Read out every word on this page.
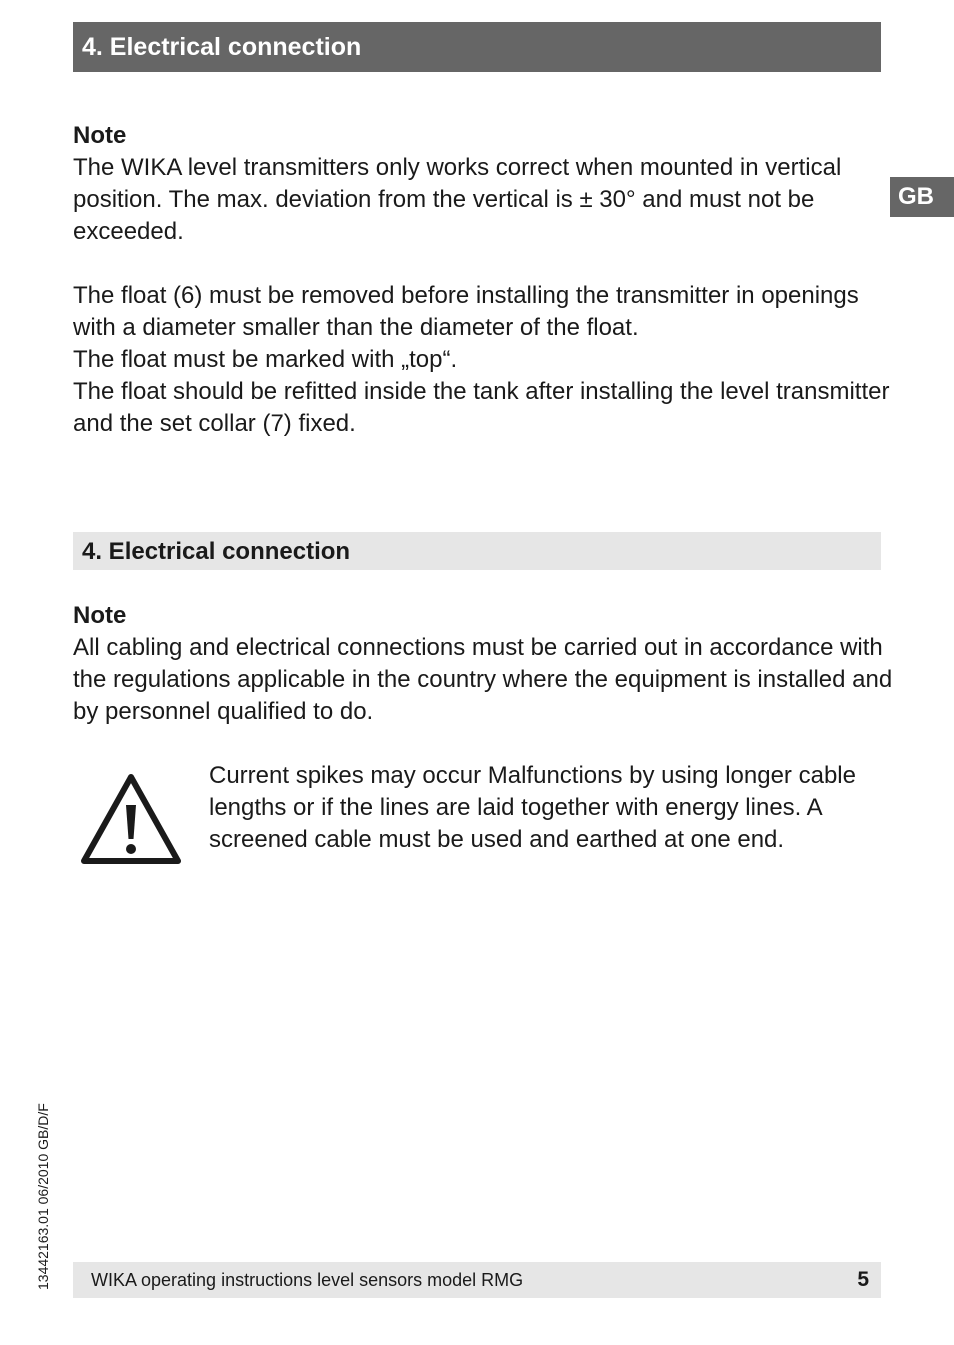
4. Electrical connection
GB

Note

The WIKA level transmitters only works correct when mounted in vertical position. The max. deviation from the vertical is ± 30° and must not be exceeded.

The float (6) must be removed before installing the transmitter in openings with a diameter smaller than the diameter of the float.

The float must be marked with „top“.

The float should be refitted inside the tank after installing the level transmitter and the set collar (7) fixed.

4. Electrical connection

Note

All cabling and electrical connections must be carried out in accordance with the regulations applicable in the country where the equipment is installed and by personnel qualified to do.

Current spikes may occur Malfunctions by using longer cable lengths or if the lines are laid together with energy lines. A screened cable must be used and earthed at one end.
13442163.01 06/2010 GB/D/F WIKA operating instructions level sensors model RMG	5
